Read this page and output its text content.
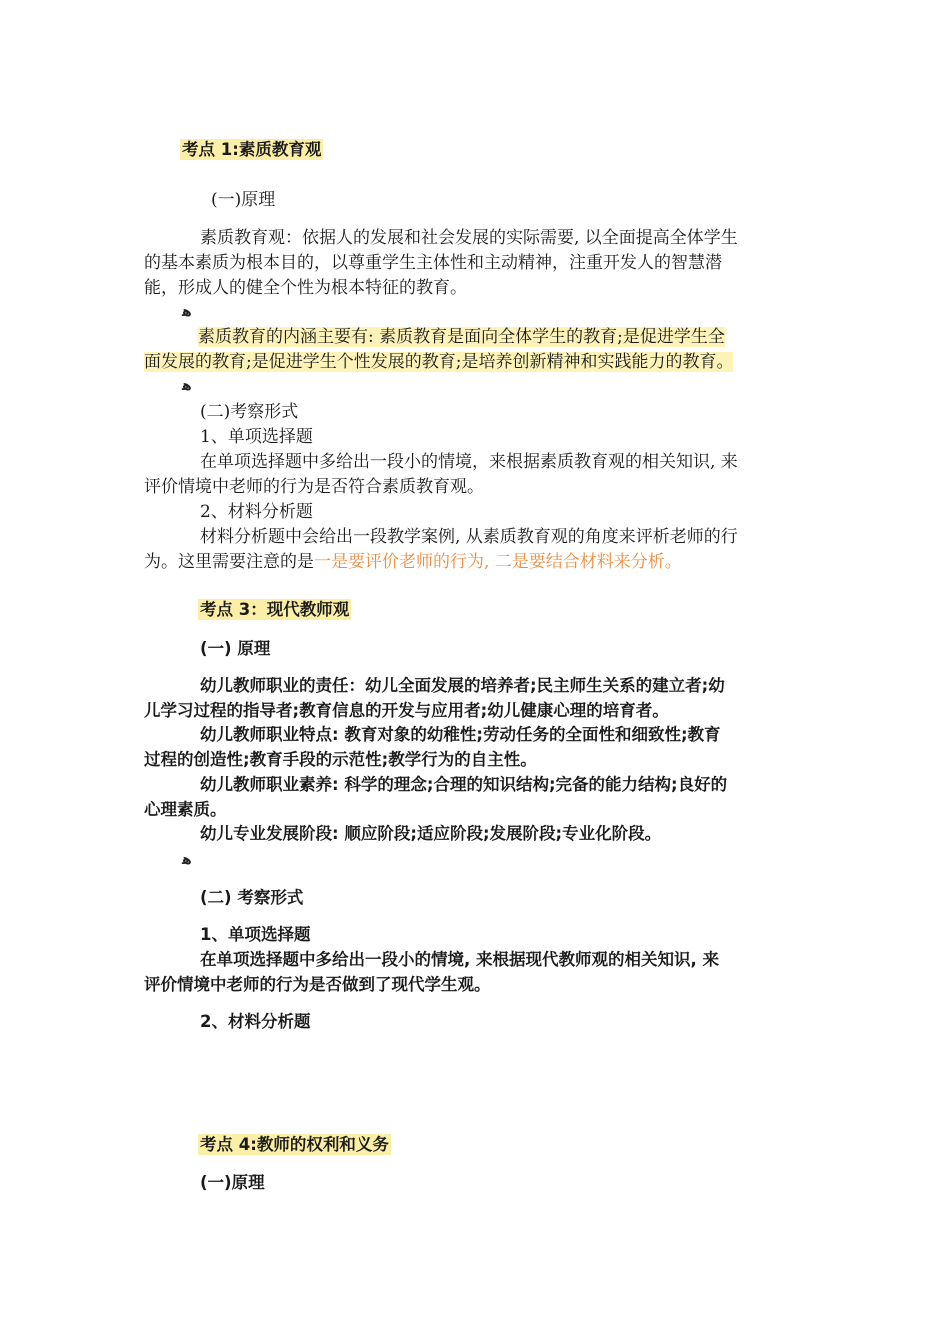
考点 1:素质教育观
(一)原理
素质教育观：依据人的发展和社会发展的实际需要, 以全面提高全体学生
的基本素质为根本目的，以尊重学生主体性和主动精神，注重开发人的智慧潜
能，形成人的健全个性为根本特征的教育。
ﻫ
素质教育的内涵主要有: 素质教育是面向全体学生的教育;是促进学生全
面发展的教育;是促进学生个性发展的教育;是培养创新精神和实践能力的教育。
ﻫ
(二)考察形式
1、单项选择题
在单项选择题中多给出一段小的情境，来根据素质教育观的相关知识, 来
评价情境中老师的行为是否符合素质教育观。
2、材料分析题
材料分析题中会给出一段教学案例, 从素质教育观的角度来评析老师的行
为。这里需要注意的是一是要评价老师的行为, 二是要结合材料来分析。
考点 3：现代教师观
(一) 原理
幼儿教师职业的责任：幼儿全面发展的培养者;民主师生关系的建立者;幼
儿学习过程的指导者;教育信息的开发与应用者;幼儿健康心理的培育者。
幼儿教师职业特点: 教育对象的幼稚性;劳动任务的全面性和细致性;教育
过程的创造性;教育手段的示范性;教学行为的自主性。
幼儿教师职业素养: 科学的理念;合理的知识结构;完备的能力结构;良好的
心理素质。
幼儿专业发展阶段: 顺应阶段;适应阶段;发展阶段;专业化阶段。
ﻫ
(二) 考察形式
1、单项选择题
在单项选择题中多给出一段小的情境, 来根据现代教师观的相关知识, 来
评价情境中老师的行为是否做到了现代学生观。
2、材料分析题
考点 4:教师的权利和义务
(一)原理
